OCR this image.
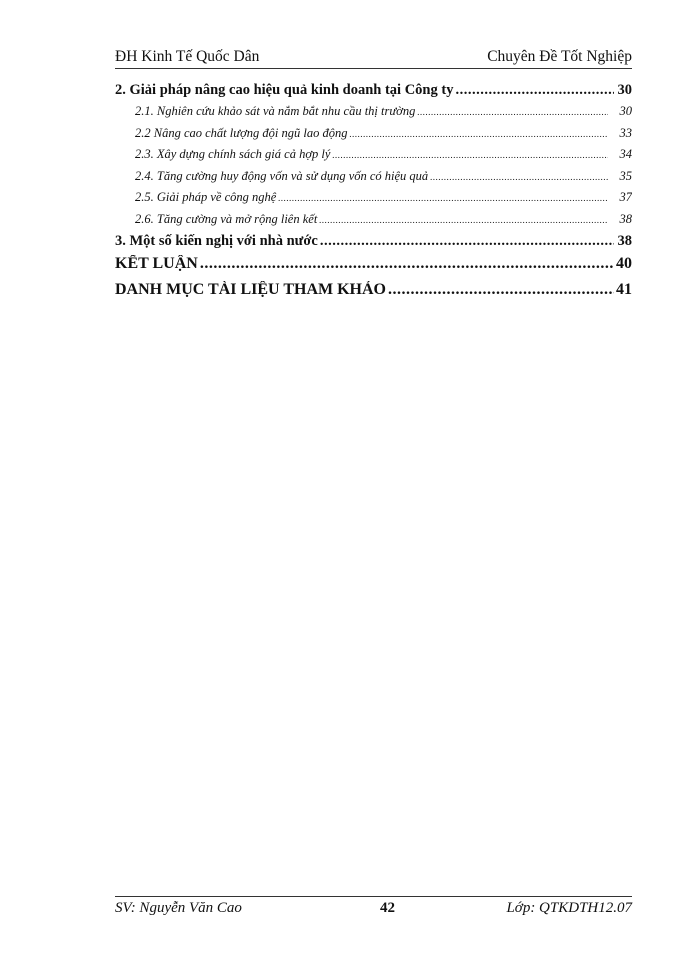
ĐH Kinh Tế Quốc Dân	Chuyên Đề Tốt Nghiệp
2. Giải pháp nâng cao hiệu quả kinh doanh tại Công ty .....	30
2.1. Nghiên cứu khảo sát và nắm bắt nhu cầu thị trường .....	30
2.2 Nâng cao chất lượng đội ngũ lao động .....	33
2.3. Xây dựng chính sách giá cả hợp lý .....	34
2.4. Tăng cường huy động vốn và sử dụng vốn có hiệu quả .....	35
2.5. Giải pháp về công nghệ .....	37
2.6. Tăng cường và mở rộng liên kết .....	38
3. Một số kiến nghị với nhà nước .....	38
KẾT LUẬN .....	40
DANH MỤC TÀI LIỆU THAM KHẢO .....	41
SV: Nguyễn Văn Cao	42	Lớp: QTKDTH12.07
